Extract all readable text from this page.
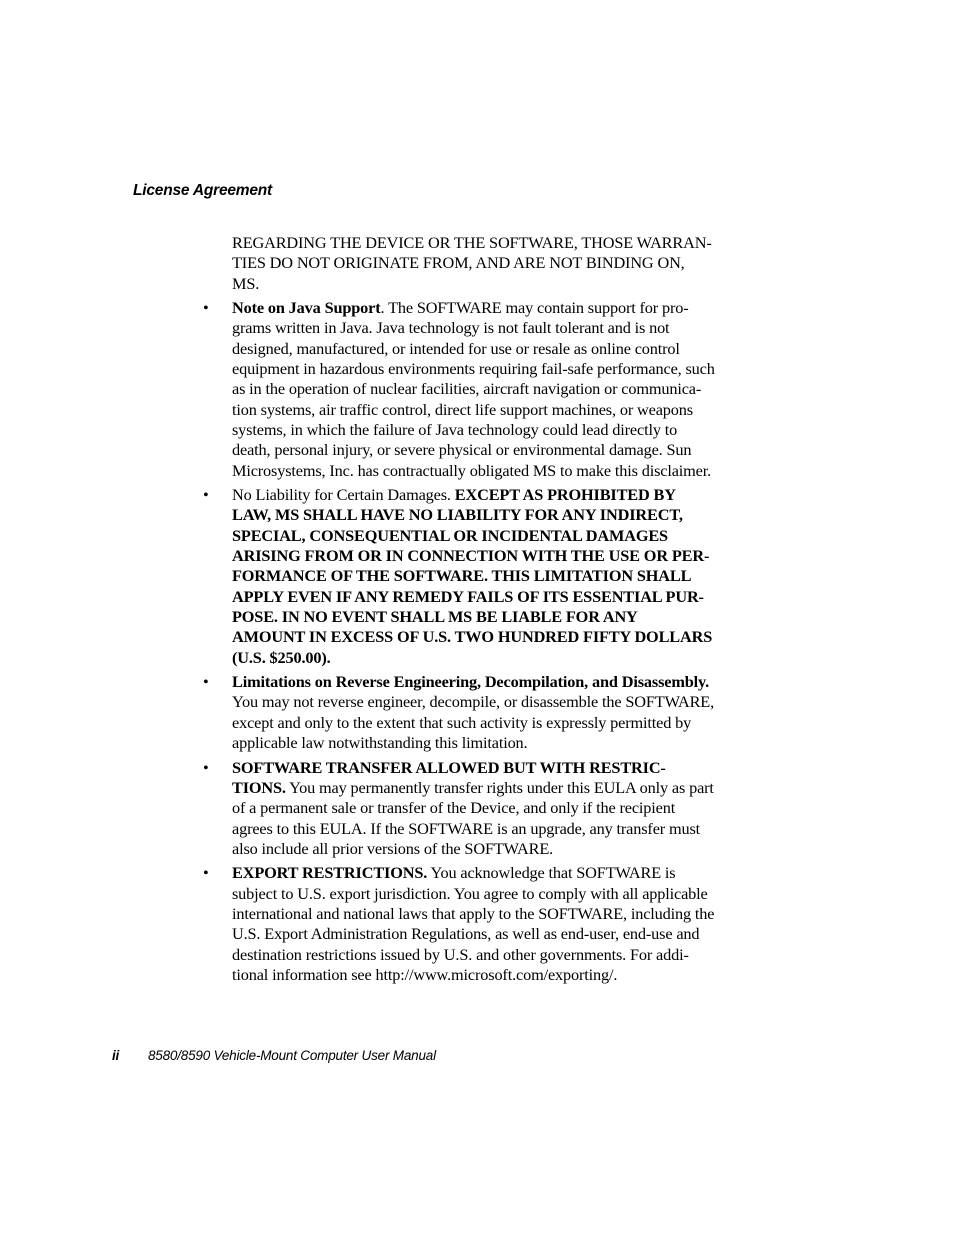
License Agreement
REGARDING THE DEVICE OR THE SOFTWARE, THOSE WARRAN-
TIES DO NOT ORIGINATE FROM, AND ARE NOT BINDING ON,
MS.
• Note on Java Support. The SOFTWARE may contain support for pro-
grams written in Java. Java technology is not fault tolerant and is not
designed, manufactured, or intended for use or resale as online control
equipment in hazardous environments requiring fail-safe performance, such
as in the operation of nuclear facilities, aircraft navigation or communica-
tion systems, air traffic control, direct life support machines, or weapons
systems, in which the failure of Java technology could lead directly to
death, personal injury, or severe physical or environmental damage. Sun
Microsystems, Inc. has contractually obligated MS to make this disclaimer.
• No Liability for Certain Damages. EXCEPT AS PROHIBITED BY
LAW, MS SHALL HAVE NO LIABILITY FOR ANY INDIRECT,
SPECIAL, CONSEQUENTIAL OR INCIDENTAL DAMAGES
ARISING FROM OR IN CONNECTION WITH THE USE OR PER-
FORMANCE OF THE SOFTWARE. THIS LIMITATION SHALL
APPLY EVEN IF ANY REMEDY FAILS OF ITS ESSENTIAL PUR-
POSE. IN NO EVENT SHALL MS BE LIABLE FOR ANY
AMOUNT IN EXCESS OF U.S. TWO HUNDRED FIFTY DOLLARS
(U.S. $250.00).
• Limitations on Reverse Engineering, Decompilation, and Disassembly.
You may not reverse engineer, decompile, or disassemble the SOFTWARE,
except and only to the extent that such activity is expressly permitted by
applicable law notwithstanding this limitation.
• SOFTWARE TRANSFER ALLOWED BUT WITH RESTRIC-
TIONS. You may permanently transfer rights under this EULA only as part
of a permanent sale or transfer of the Device, and only if the recipient
agrees to this EULA. If the SOFTWARE is an upgrade, any transfer must
also include all prior versions of the SOFTWARE.
• EXPORT RESTRICTIONS. You acknowledge that SOFTWARE is
subject to U.S. export jurisdiction. You agree to comply with all applicable
international and national laws that apply to the SOFTWARE, including the
U.S. Export Administration Regulations, as well as end-user, end-use and
destination restrictions issued by U.S. and other governments. For addi-
tional information see http://www.microsoft.com/exporting/.
ii 8580/8590 Vehicle-Mount Computer User Manual
